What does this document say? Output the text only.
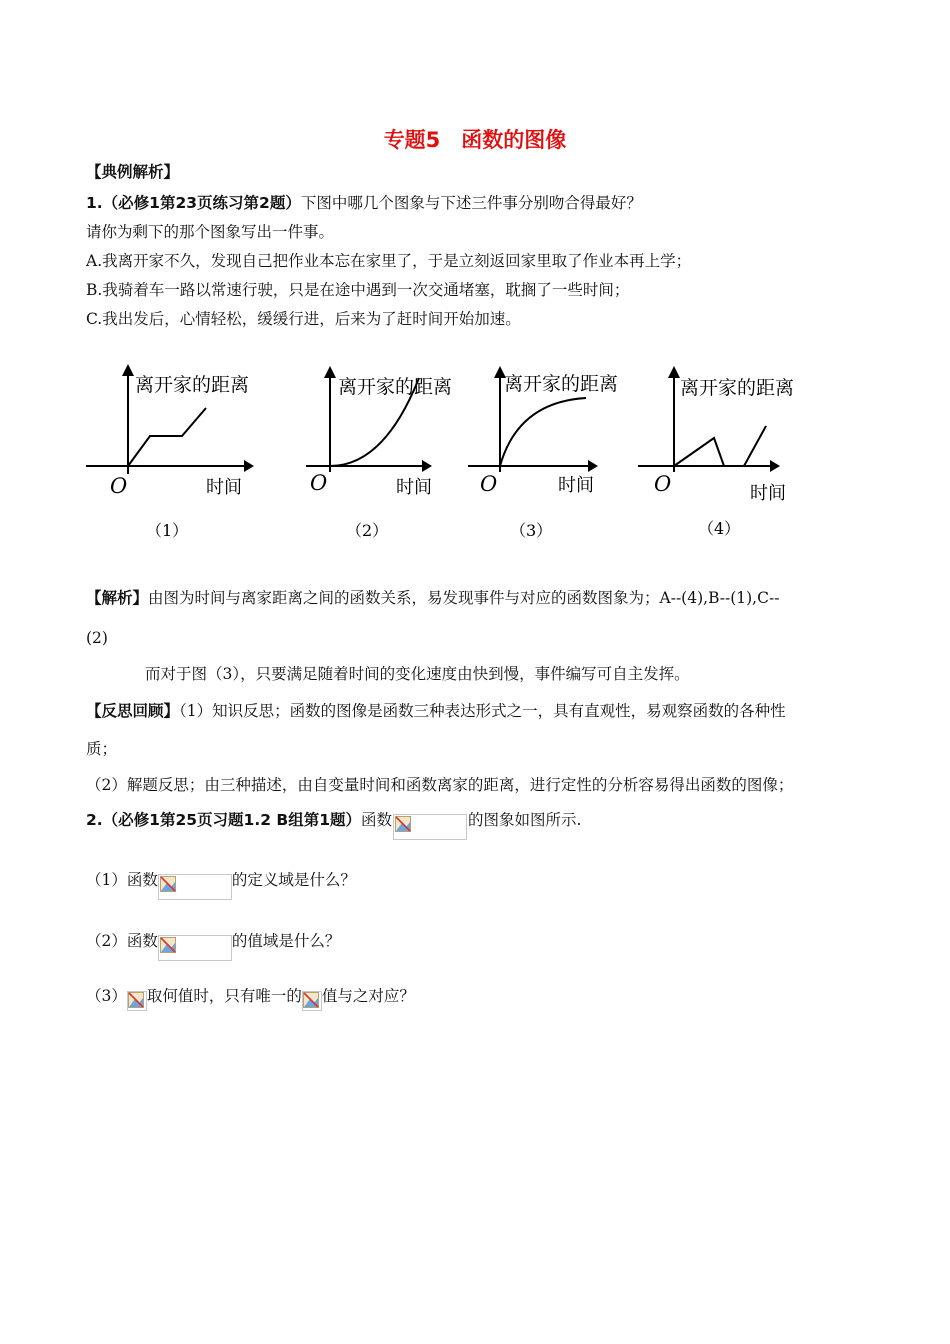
专题5　函数的图像
【典例解析】
1.（必修1第23页练习第2题）下图中哪几个图象与下述三件事分别吻合得最好？
请你为剩下的那个图象写出一件事。
A.我离开家不久，发现自己把作业本忘在家里了，于是立刻返回家里取了作业本再上学；
B.我骑着车一路以常速行驶，只是在途中遇到一次交通堵塞，耽搁了一些时间；
C.我出发后，心情轻松，缓缓行进，后来为了赶时间开始加速。
离开家的距离
O	时间
（1）
离开家的距离
O	时间
（2）
离开家的距离
O	时间
（3）
离开家的距离
O	时间
（4）
【解析】由图为时间与离家距离之间的函数关系，易发现事件与对应的函数图象为；A--(4),B--(1),C--
(2)
而对于图（3），只要满足随着时间的变化速度由快到慢，事件编写可自主发挥。
【反思回顾】（1）知识反思；函数的图像是函数三种表达形式之一，具有直观性，易观察函数的各种性
质；
（2）解题反思；由三种描述，由自变量时间和函数离家的距离，进行定性的分析容易得出函数的图像；
2.（必修1第25页习题1.2 B组第1题）函数	的图象如图所示.
（1）函数	的定义域是什么？
（2）函数	的值域是什么？
（3） 取何值时，只有唯一的 值与之对应？
